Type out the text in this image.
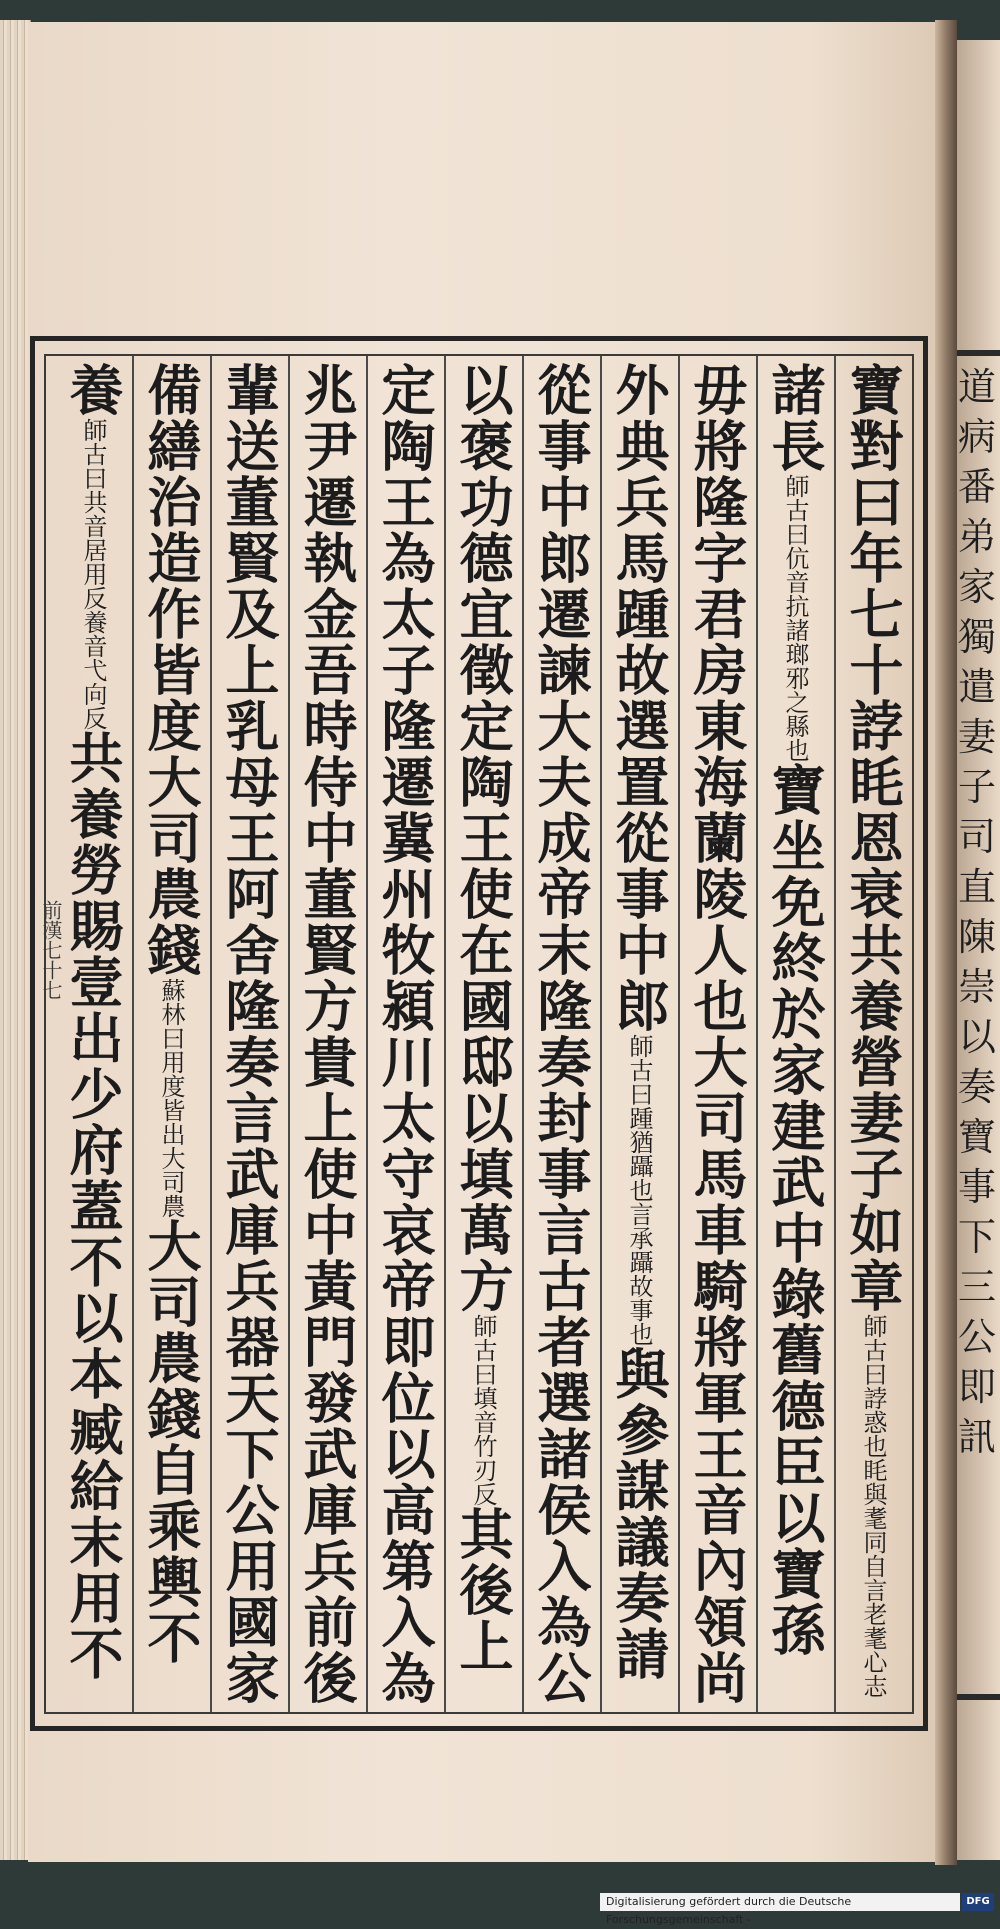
道病番弟家獨遣妻子司直陳崇以奏寶事下三公即訊
寶對曰年七十誖眊恩衰共養營妻子如章師古曰誖惑也眊與耄同自言老耄心志
諸長師古曰伉音抗諸瑯邪之縣也寶坐免終於家建武中錄舊德臣以寶孫
毋將隆字君房東海蘭陵人也大司馬車騎將軍王音內領尚
外典兵馬踵故選置從事中郎師古曰踵猶躡也言承躡故事也與參謀議奏請
從事中郎遷諫大夫成帝末隆奏封事言古者選諸侯入為公
以褒功德宜徵定陶王使在國邸以填萬方師古曰填音竹刃反其後上
定陶王為太子隆遷冀州牧潁川太守哀帝即位以高第入為
兆尹遷執金吾時侍中董賢方貴上使中黃門發武庫兵前後
輩送董賢及上乳母王阿舍隆奏言武庫兵器天下公用國家
備繕治造作皆度大司農錢蘇林曰用度皆出大司農大司農錢自乘輿不
養師古曰共音居用反養音弋向反共養勞賜壹出少府蓋不以本臧給末用不
前漢七十七
Digitalisierung gefördert durch die Deutsche Forschungsgemeinschaft -
DFG
